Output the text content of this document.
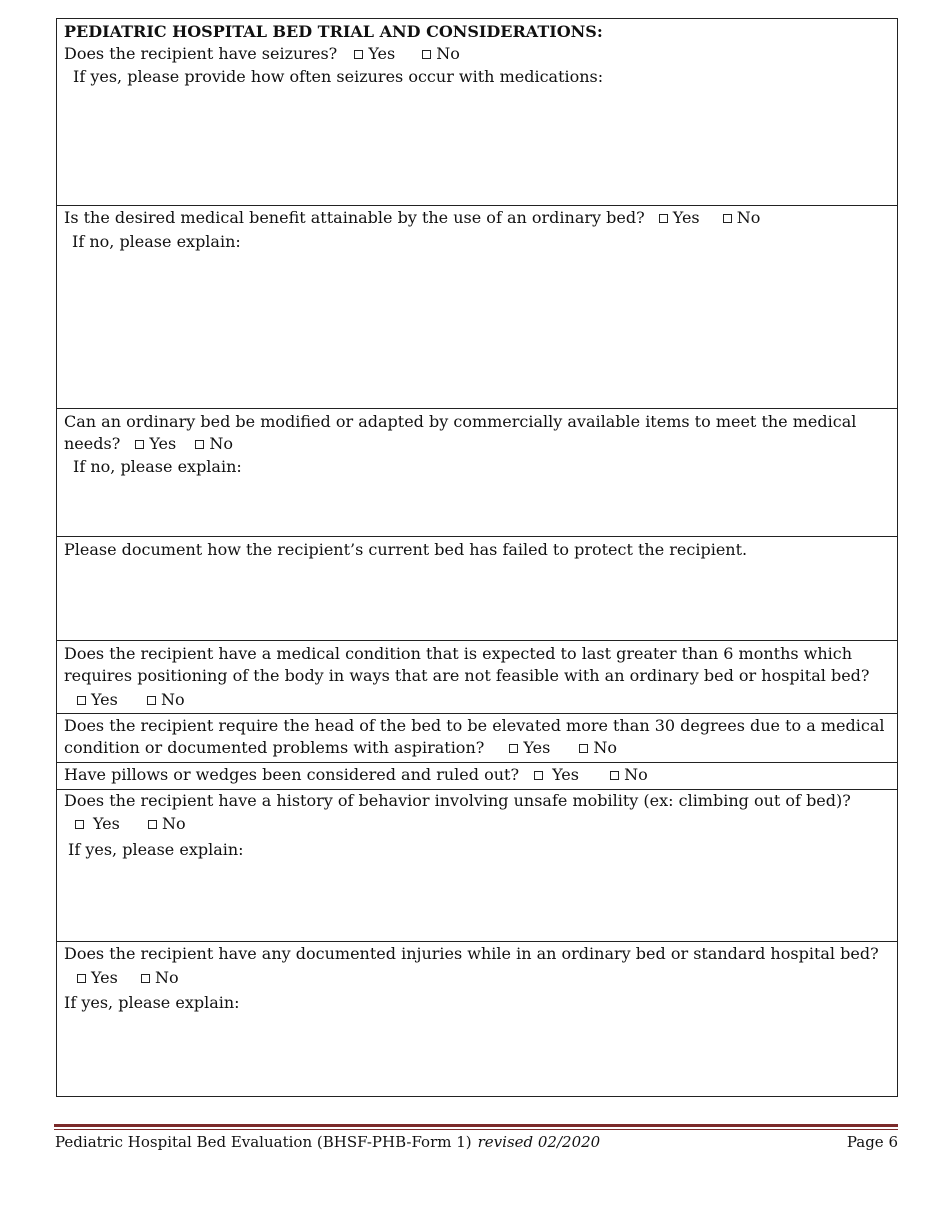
PEDIATRIC HOSPITAL BED TRIAL AND CONSIDERATIONS:
Does the recipient have seizures? Yes	No
If yes, please provide how often seizures occur with medications:
Is the desired medical benefit attainable by the use of an ordinary bed? Yes No
If no, please explain:
Can an ordinary bed be modified or adapted by commercially available items to meet the medical
needs? Yes No
If no, please explain:
Please document how the recipient’s current bed has failed to protect the recipient.
Does the recipient have a medical condition that is expected to last greater than 6 months which
requires positioning of the body in ways that are not feasible with an ordinary bed or hospital bed?
Yes	No
Does the recipient require the head of the bed to be elevated more than 30 degrees due to a medical
condition or documented problems with aspiration? Yes	No
Have pillows or wedges been considered and ruled out? Yes	No
Does the recipient have a history of behavior involving unsafe mobility (ex: climbing out of bed)?
Yes	No
If yes, please explain:
Does the recipient have any documented injuries while in an ordinary bed or standard hospital bed?
Yes No
If yes, please explain:
Pediatric Hospital Bed Evaluation (BHSF-PHB-Form 1) revised 02/2020	Page 6
